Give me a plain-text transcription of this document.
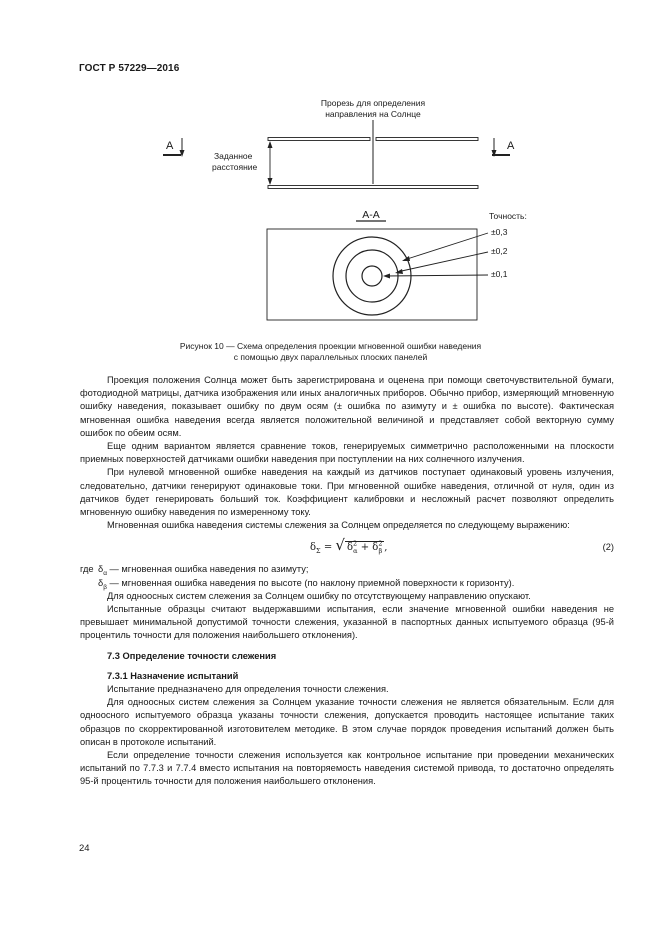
ГОСТ Р 57229—2016
Прорезь для определения
направления на Солнце
Заданное
расстояние
A	A
A-A	Точность:
±0,3
±0,2
±0,1
Рисунок 10 — Схема определения проекции мгновенной ошибки наведения
с помощью двух параллельных плоских панелей

Проекция положения Солнца может быть зарегистрирована и оценена при помощи светочувствительной бумаги, фотодиодной матрицы, датчика изображения или иных аналогичных приборов. Обычно прибор, измеряющий мгновенную ошибку наведения, показывает ошибку по двум осям (± ошибка по азимуту и ± ошибка по высоте). Фактическая мгновенная ошибка наведения всегда является положительной величиной и представляет собой векторную сумму ошибок по обеим осям.

Еще одним вариантом является сравнение токов, генерируемых симметрично расположенными на плоскости приемных поверхностей датчиками ошибки наведения при поступлении на них солнечного излучения.

При нулевой мгновенной ошибке наведения на каждый из датчиков поступает одинаковый уровень излучения, следовательно, датчики генерируют одинаковые токи. При мгновенной ошибке наведения, отличной от нуля, один из датчиков будет генерировать больший ток. Коэффициент калибровки и несложный расчет позволяют определить мгновенную ошибку наведения по измеренному току.

Мгновенная ошибка наведения системы слежения за Солнцем определяется по следующему выражению:

$\delta_\Sigma$ = √ $\delta^2_\alpha + \delta^2_\beta$ ,	(2)
где $\delta_\alpha$ — мгновенная ошибка наведения по азимуту;
$\delta_\beta$ — мгновенная ошибка наведения по высоте (по наклону приемной поверхности к горизонту).

Для одноосных систем слежения за Солнцем ошибку по отсутствующему направлению опускают.

Испытанные образцы считают выдержавшими испытания, если значение мгновенной ошибки наведения не превышает минимальной допустимой точности слежения, указанной в паспортных данных испытуемого образца (95-й процентиль точности для положения наибольшего отклонения).

7.3 Определение точности слежения

7.3.1 Назначение испытаний

Испытание предназначено для определения точности слежения.

Для одноосных систем слежения за Солнцем указание точности слежения не является обязательным. Если для одноосного испытуемого образца указаны точности слежения, допускается проводить настоящее испытание таких образцов по скорректированной изготовителем методике. В этом случае порядок проведения испытаний должен быть описан в протоколе испытаний.

Если определение точности слежения используется как контрольное испытание при проведении механических испытаний по 7.7.3 и 7.7.4 вместо испытания на повторяемость наведения системой привода, то достаточно определять 95-й процентиль точности для положения наибольшего отклонения.

24
